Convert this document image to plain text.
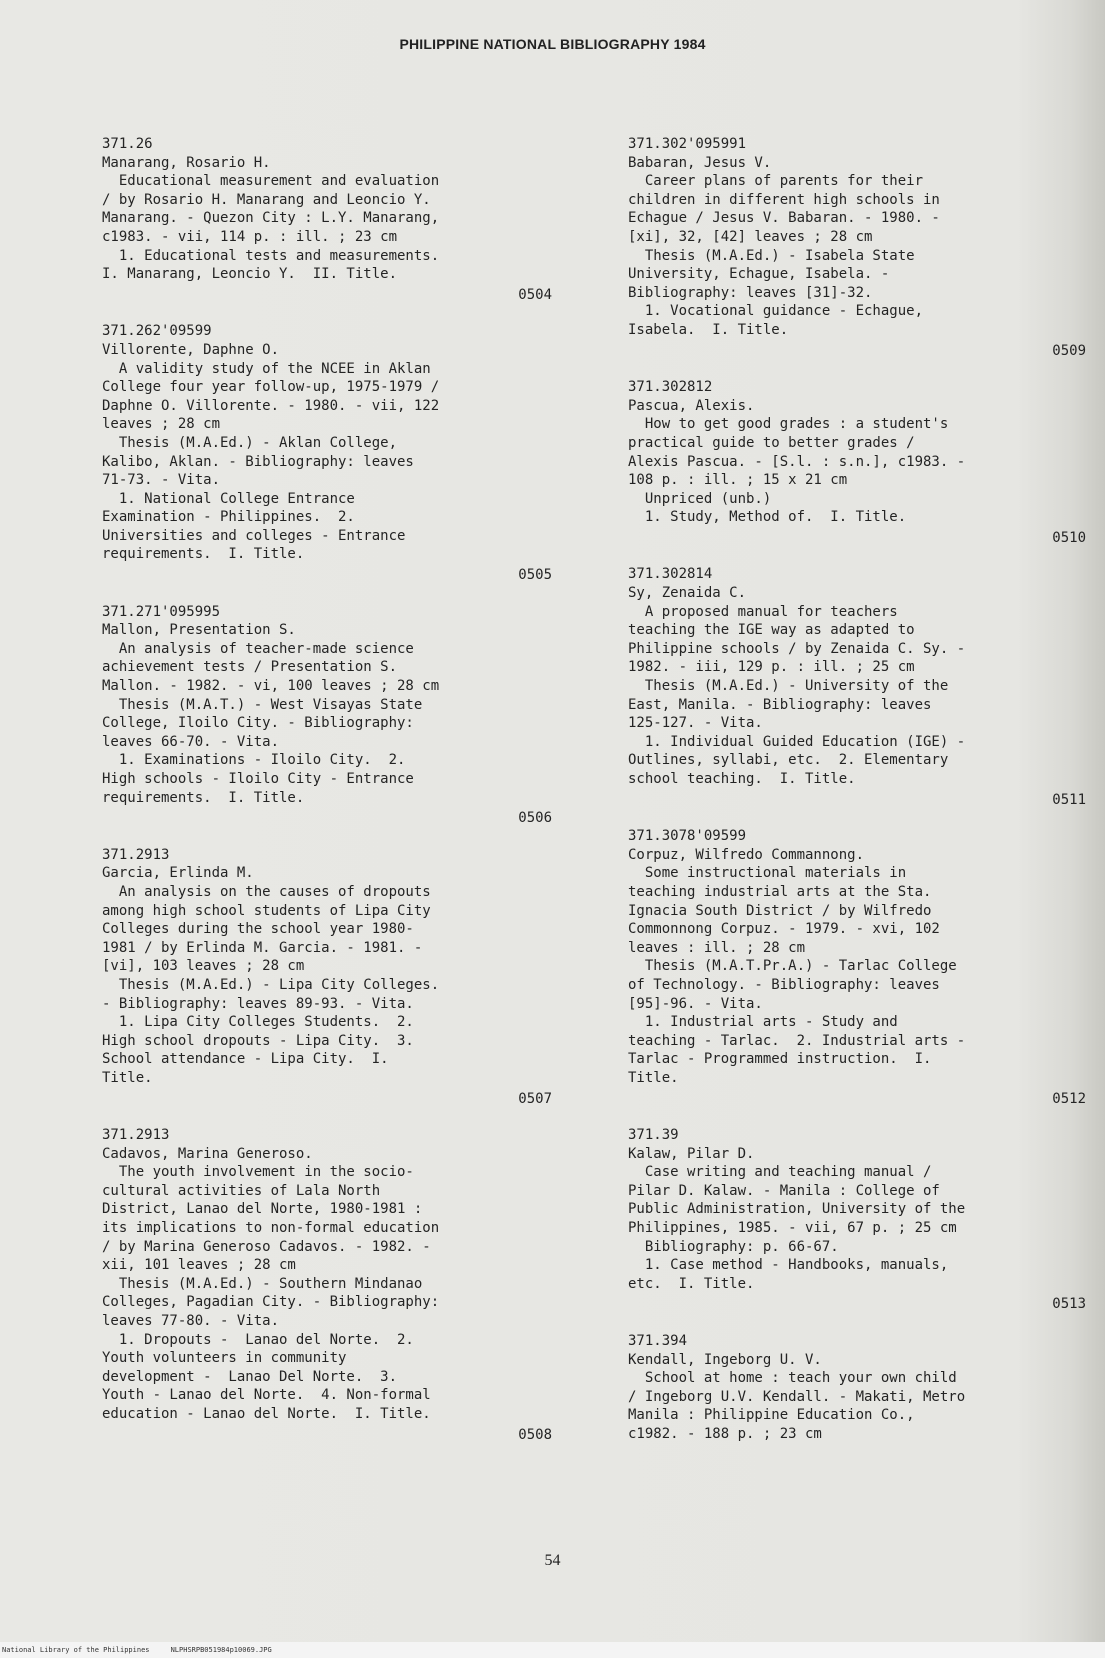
PHILIPPINE NATIONAL BIBLIOGRAPHY 1984
371.26
Manarang, Rosario H.
Educational measurement and evaluation
/ by Rosario H. Manarang and Leoncio Y.
Manarang. - Quezon City : L.Y. Manarang,
c1983. - vii, 114 p. : ill. ; 23 cm
1. Educational tests and measurements.
I. Manarang, Leoncio Y.  II. Title.
0504
371.262'09599
Villorente, Daphne O.
A validity study of the NCEE in Aklan
College four year follow-up, 1975-1979 /
Daphne O. Villorente. - 1980. - vii, 122
leaves ; 28 cm
Thesis (M.A.Ed.) - Aklan College,
Kalibo, Aklan. - Bibliography: leaves
71-73. - Vita.
1. National College Entrance
Examination - Philippines.  2.
Universities and colleges - Entrance
requirements.  I. Title.
0505
371.271'095995
Mallon, Presentation S.
An analysis of teacher-made science
achievement tests / Presentation S.
Mallon. - 1982. - vi, 100 leaves ; 28 cm
Thesis (M.A.T.) - West Visayas State
College, Iloilo City. - Bibliography:
leaves 66-70. - Vita.
1. Examinations - Iloilo City.  2.
High schools - Iloilo City - Entrance
requirements.  I. Title.
0506
371.2913
Garcia, Erlinda M.
An analysis on the causes of dropouts
among high school students of Lipa City
Colleges during the school year 1980-
1981 / by Erlinda M. Garcia. - 1981. -
[vi], 103 leaves ; 28 cm
Thesis (M.A.Ed.) - Lipa City Colleges.
- Bibliography: leaves 89-93. - Vita.
1. Lipa City Colleges Students.  2.
High school dropouts - Lipa City.  3.
School attendance - Lipa City.  I.
Title.
0507
371.2913
Cadavos, Marina Generoso.
The youth involvement in the socio-
cultural activities of Lala North
District, Lanao del Norte, 1980-1981 :
its implications to non-formal education
/ by Marina Generoso Cadavos. - 1982. -
xii, 101 leaves ; 28 cm
Thesis (M.A.Ed.) - Southern Mindanao
Colleges, Pagadian City. - Bibliography:
leaves 77-80. - Vita.
1. Dropouts -  Lanao del Norte.  2.
Youth volunteers in community
development -  Lanao Del Norte.  3.
Youth - Lanao del Norte.  4. Non-formal
education - Lanao del Norte.  I. Title.
0508
371.302'095991
Babaran, Jesus V.
Career plans of parents for their
children in different high schools in
Echague / Jesus V. Babaran. - 1980. -
[xi], 32, [42] leaves ; 28 cm
Thesis (M.A.Ed.) - Isabela State
University, Echague, Isabela. -
Bibliography: leaves [31]-32.
1. Vocational guidance - Echague,
Isabela.  I. Title.
0509
371.302812
Pascua, Alexis.
How to get good grades : a student's
practical guide to better grades /
Alexis Pascua. - [S.l. : s.n.], c1983. -
108 p. : ill. ; 15 x 21 cm
Unpriced (unb.)
1. Study, Method of.  I. Title.
0510
371.302814
Sy, Zenaida C.
A proposed manual for teachers
teaching the IGE way as adapted to
Philippine schools / by Zenaida C. Sy. -
1982. - iii, 129 p. : ill. ; 25 cm
Thesis (M.A.Ed.) - University of the
East, Manila. - Bibliography: leaves
125-127. - Vita.
1. Individual Guided Education (IGE) -
Outlines, syllabi, etc.  2. Elementary
school teaching.  I. Title.
0511
371.3078'09599
Corpuz, Wilfredo Commannong.
Some instructional materials in
teaching industrial arts at the Sta.
Ignacia South District / by Wilfredo
Commonnong Corpuz. - 1979. - xvi, 102
leaves : ill. ; 28 cm
Thesis (M.A.T.Pr.A.) - Tarlac College
of Technology. - Bibliography: leaves
[95]-96. - Vita.
1. Industrial arts - Study and
teaching - Tarlac.  2. Industrial arts -
Tarlac - Programmed instruction.  I.
Title.
0512
371.39
Kalaw, Pilar D.
Case writing and teaching manual /
Pilar D. Kalaw. - Manila : College of
Public Administration, University of the
Philippines, 1985. - vii, 67 p. ; 25 cm
Bibliography: p. 66-67.
1. Case method - Handbooks, manuals,
etc.  I. Title.
0513
371.394
Kendall, Ingeborg U. V.
School at home : teach your own child
/ Ingeborg U.V. Kendall. - Makati, Metro
Manila : Philippine Education Co.,
c1982. - 188 p. ; 23 cm
54
National Library of the Philippines	NLPHSRPB051984p10069.JPG
